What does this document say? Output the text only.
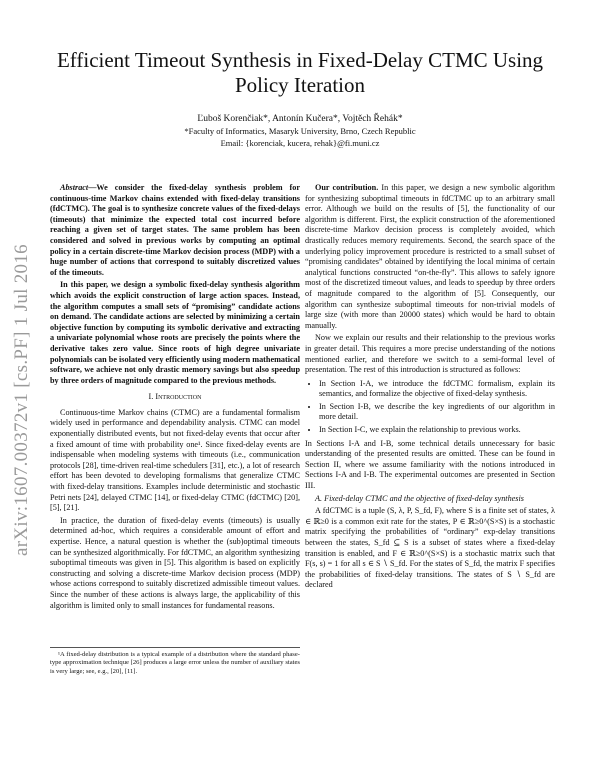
arXiv:1607.00372v1 [cs.PF] 1 Jul 2016
Efficient Timeout Synthesis in Fixed-Delay CTMC Using Policy Iteration
Ľuboš Korenčiak*, Antonín Kučera*, Vojtěch Řehák*
*Faculty of Informatics, Masaryk University, Brno, Czech Republic
Email: {korenciak, kucera, rehak}@fi.muni.cz

Abstract—We consider the fixed-delay synthesis problem for continuous-time Markov chains extended with fixed-delay transitions (fdCTMC). The goal is to synthesize concrete values of the fixed-delays (timeouts) that minimize the expected total cost incurred before reaching a given set of target states. The same problem has been considered and solved in previous works by computing an optimal policy in a certain discrete-time Markov decision process (MDP) with a huge number of actions that correspond to suitably discretized values of the timeouts.

In this paper, we design a symbolic fixed-delay synthesis algorithm which avoids the explicit construction of large action spaces. Instead, the algorithm computes a small sets of “promising” candidate actions on demand. The candidate actions are selected by minimizing a certain objective function by computing its symbolic derivative and extracting a univariate polynomial whose roots are precisely the points where the derivative takes zero value. Since roots of high degree univariate polynomials can be isolated very efficiently using modern mathematical software, we achieve not only drastic memory savings but also speedup by three orders of magnitude compared to the previous methods.

I. Introduction

Continuous-time Markov chains (CTMC) are a fundamental formalism widely used in performance and dependability analysis. CTMC can model exponentially distributed events, but not fixed-delay events that occur after a fixed amount of time with probability one¹. Since fixed-delay events are indispensable when modeling systems with timeouts (i.e., communication protocols [28], time-driven real-time schedulers [31], etc.), a lot of research effort has been devoted to developing formalisms that generalize CTMC with fixed-delay transitions. Examples include deterministic and stochastic Petri nets [24], delayed CTMC [14], or fixed-delay CTMC (fdCTMC) [20], [5], [21].

In practice, the duration of fixed-delay events (timeouts) is usually determined ad-hoc, which requires a considerable amount of effort and expertise. Hence, a natural question is whether the (sub)optimal timeouts can be synthesized algorithmically. For fdCTMC, an algorithm synthesizing suboptimal timeouts was given in [5]. This algorithm is based on explicitly constructing and solving a discrete-time Markov decision process (MDP) whose actions correspond to suitably discretized admissible timeout values. Since the number of these actions is always large, the applicability of this algorithm is limited only to small instances for fundamental reasons.

¹A fixed-delay distribution is a typical example of a distribution where the standard phase-type approximation technique [26] produces a large error unless the number of auxiliary states is very large; see, e.g., [20], [11].

Our contribution. In this paper, we design a new symbolic algorithm for synthesizing suboptimal timeouts in fdCTMC up to an arbitrary small error. Although we build on the results of [5], the functionality of our algorithm is different. First, the explicit construction of the aforementioned discrete-time Markov decision process is completely avoided, which drastically reduces memory requirements. Second, the search space of the underlying policy improvement procedure is restricted to a small subset of “promising candidates” obtained by identifying the local minima of certain analytical functions constructed “on-the-fly”. This allows to safely ignore most of the discretized timeout values, and leads to speedup by three orders of magnitude compared to the algorithm of [5]. Consequently, our algorithm can synthesize suboptimal timeouts for non-trivial models of large size (with more than 20000 states) which would be hard to obtain manually.

Now we explain our results and their relationship to the previous works in greater detail. This requires a more precise understanding of the notions mentioned earlier, and therefore we switch to a semi-formal level of presentation. The rest of this introduction is structured as follows:

• In Section I-A, we introduce the fdCTMC formalism, explain its semantics, and formalize the objective of fixed-delay synthesis.
• In Section I-B, we describe the key ingredients of our algorithm in more detail.
• In Section I-C, we explain the relationship to previous works.

In Sections I-A and I-B, some technical details unnecessary for basic understanding of the presented results are omitted. These can be found in Section II, where we assume familiarity with the notions introduced in Sections I-A and I-B. The experimental outcomes are presented in Section III.

A. Fixed-delay CTMC and the objective of fixed-delay synthesis

A fdCTMC is a tuple (S, λ, P, S_fd, F), where S is a finite set of states, λ ∈ ℝ≥0 is a common exit rate for the states, P ∈ ℝ≥0^(S×S) is a stochastic matrix specifying the probabilities of “ordinary” exp-delay transitions between the states, S_fd ⊆ S is a subset of states where a fixed-delay transition is enabled, and F ∈ ℝ≥0^(S×S) is a stochastic matrix such that F(s, s) = 1 for all s ∈ S ∖ S_fd. For the states of S_fd, the matrix F specifies the probabilities of fixed-delay transitions. The states of S ∖ S_fd are declared
